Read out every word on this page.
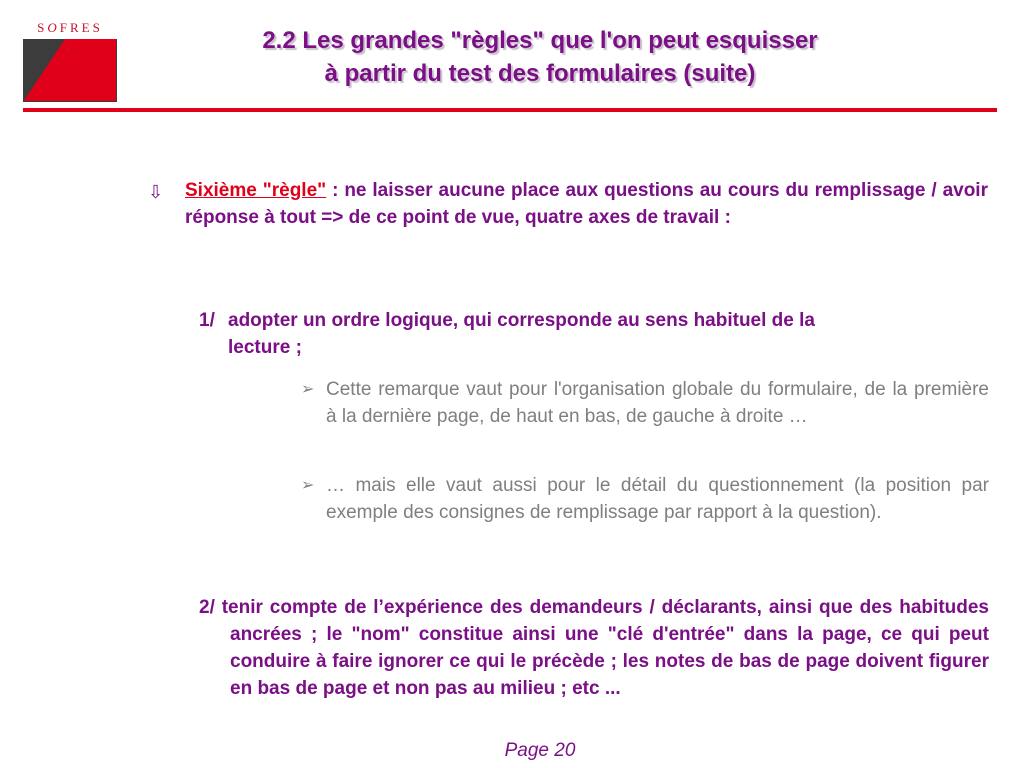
SOFRES	2.2 Les grandes "règles" que l'on peut esquisser
à partir du test des formulaires (suite)
⇩ Sixième "règle" : ne laisser aucune place aux questions au cours du remplissage / avoir réponse à tout => de ce point de vue, quatre axes de travail :

1/ adopter un ordre logique, qui corresponde au sens habituel de la
lecture ;

➢ Cette remarque vaut pour l'organisation globale du formulaire, de la première à la dernière page, de haut en bas, de gauche à droite …

➢ … mais elle vaut aussi pour le détail du questionnement (la position par exemple des consignes de remplissage par rapport à la question).

2/ tenir compte de l’expérience des demandeurs / déclarants, ainsi que des habitudes ancrées ; le "nom" constitue ainsi une "clé d'entrée" dans la page, ce qui peut conduire à faire ignorer ce qui le précède ; les notes de bas de page doivent figurer en bas de page et non pas au milieu ; etc ...

Page 20
